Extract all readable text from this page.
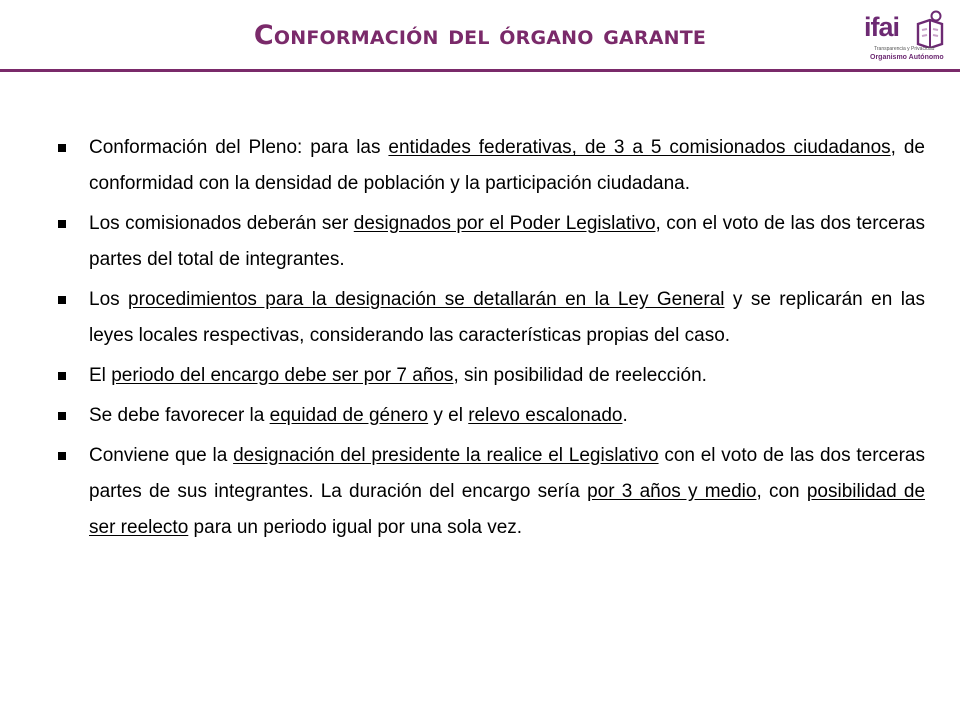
Conformación del órgano garante	ifai
Transparencia y Privacidad
Organismo Autónomo
Conformación del Pleno: para las entidades federativas, de 3 a 5 comisionados ciudadanos, de conformidad con la densidad de población y la participación ciudadana.
Los comisionados deberán ser designados por el Poder Legislativo, con el voto de las dos terceras partes del total de integrantes.
Los procedimientos para la designación se detallarán en la Ley General y se replicarán en las leyes locales respectivas, considerando las características propias del caso.
El periodo del encargo debe ser por 7 años, sin posibilidad de reelección.
Se debe favorecer la equidad de género y el relevo escalonado.
Conviene que la designación del presidente la realice el Legislativo con el voto de las dos terceras partes de sus integrantes. La duración del encargo sería por 3 años y medio, con posibilidad de ser reelecto para un periodo igual por una sola vez.
